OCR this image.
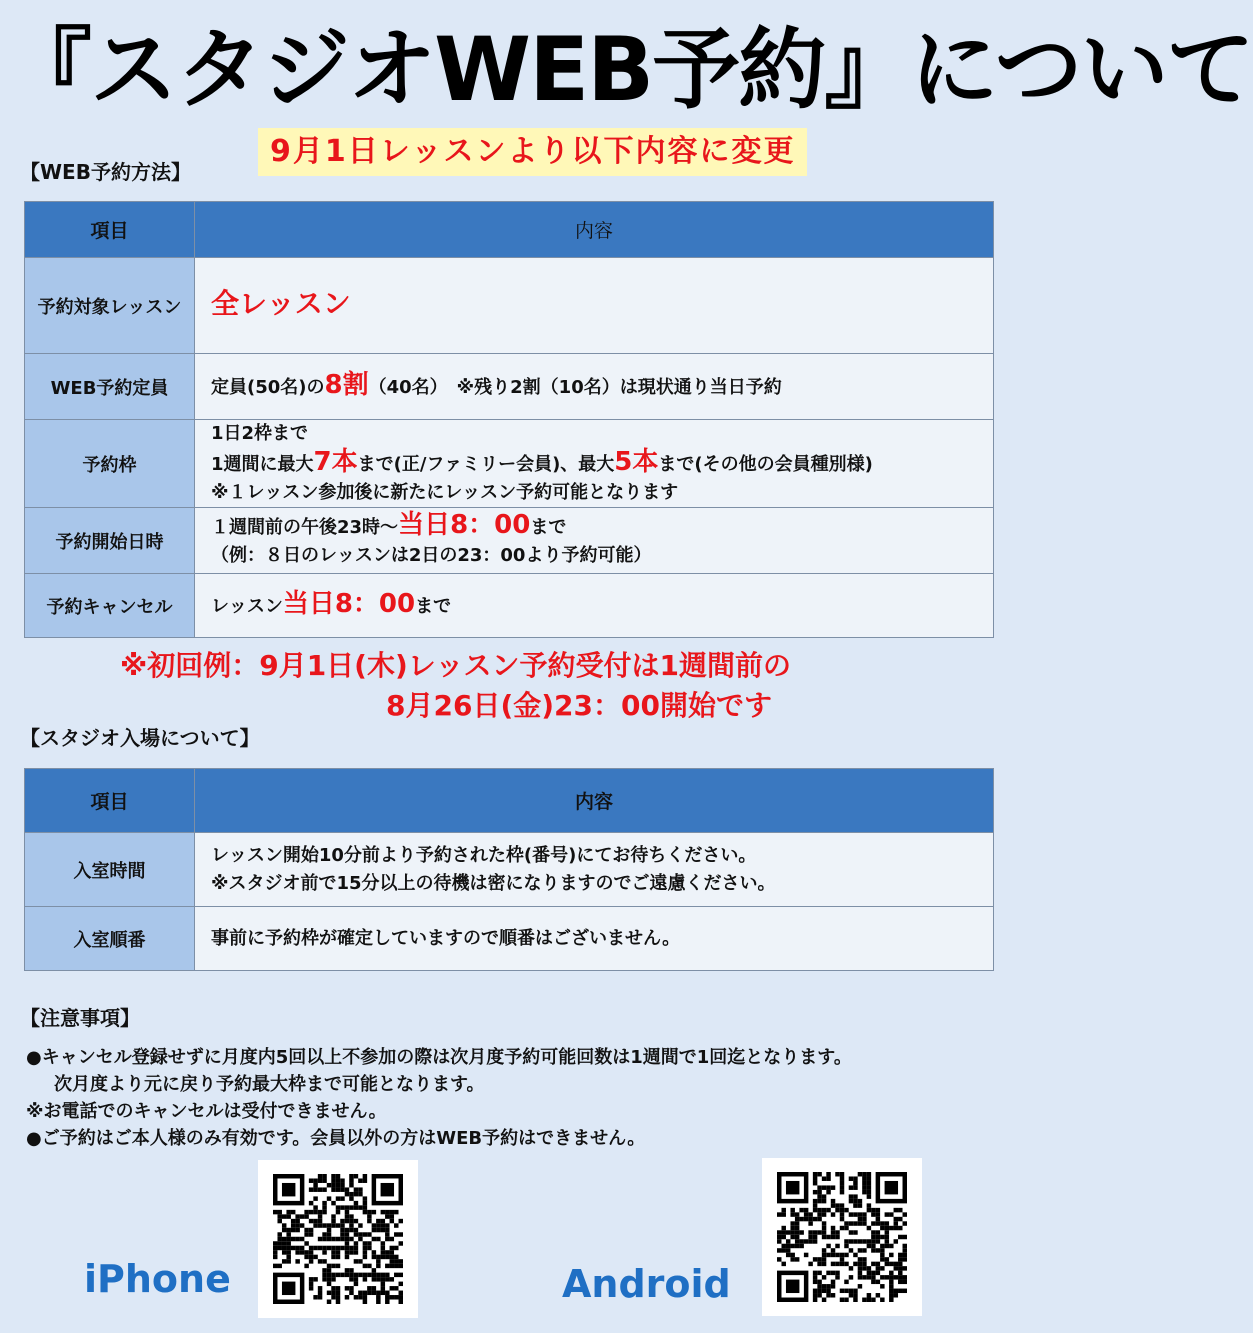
『スタジオWEB予約』について
9月1日レッスンより以下内容に変更
【WEB予約方法】
項目	内容
予約対象レッスン	全レッスン
WEB予約定員	定員(50名)の8割（40名）　※残り2割（10名）は現状通り当日予約
予約枠	1日2枠まで
1週間に最大7本まで(正/ファミリー会員)、最大5本まで(その他の会員種別様)
※１レッスン参加後に新たにレッスン予約可能となります

予約開始日時	１週間前の午後23時～当日8：00まで
（例：８日のレッスンは2日の23：00より予約可能）

予約キャンセル	レッスン当日8：00まで
※初回例：9月1日(木)レッスン予約受付は1週間前の
8月26日(金)23：00開始です
【スタジオ入場について】
項目	内容
入室時間	レッスン開始10分前より予約された枠(番号)にてお待ちください。
※スタジオ前で15分以上の待機は密になりますのでご遠慮ください。

入室順番	事前に予約枠が確定していますので順番はございません。
【注意事項】
●キャンセル登録せずに月度内5回以上不参加の際は次月度予約可能回数は1週間で1回迄となります。
次月度より元に戻り予約最大枠まで可能となります。
※お電話でのキャンセルは受付できません。
●ご予約はご本人様のみ有効です。会員以外の方はWEB予約はできません。
iPhone	Android
